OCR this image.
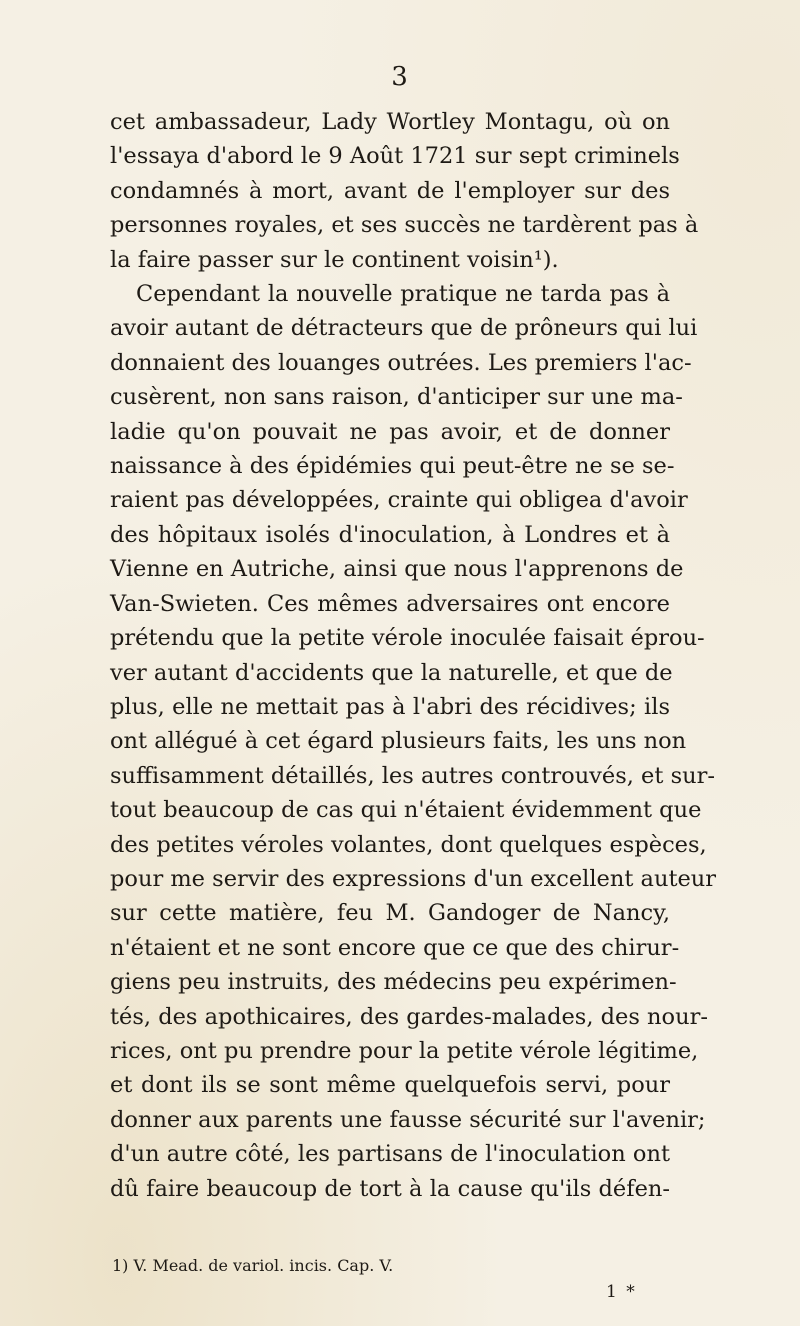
3
cet ambassadeur, Lady Wortley Montagu, où on
l'essaya d'abord le 9 Août 1721 sur sept criminels
condamnés à mort, avant de l'employer sur des
personnes royales, et ses succès ne tardèrent pas à
la faire passer sur le continent voisin¹).
Cependant la nouvelle pratique ne tarda pas à
avoir autant de détracteurs que de prôneurs qui lui
donnaient des louanges outrées. Les premiers l'ac-
cusèrent, non sans raison, d'anticiper sur une ma-
ladie qu'on pouvait ne pas avoir, et de donner
naissance à des épidémies qui peut-être ne se se-
raient pas développées, crainte qui obligea d'avoir
des hôpitaux isolés d'inoculation, à Londres et à
Vienne en Autriche, ainsi que nous l'apprenons de
Van-Swieten. Ces mêmes adversaires ont encore
prétendu que la petite vérole inoculée faisait éprou-
ver autant d'accidents que la naturelle, et que de
plus, elle ne mettait pas à l'abri des récidives; ils
ont allégué à cet égard plusieurs faits, les uns non
suffisamment détaillés, les autres controuvés, et sur-
tout beaucoup de cas qui n'étaient évidemment que
des petites véroles volantes, dont quelques espèces,
pour me servir des expressions d'un excellent auteur
sur cette matière, feu M. Gandoger de Nancy,
n'étaient et ne sont encore que ce que des chirur-
giens peu instruits, des médecins peu expérimen-
tés, des apothicaires, des gardes-malades, des nour-
rices, ont pu prendre pour la petite vérole légitime,
et dont ils se sont même quelquefois servi, pour
donner aux parents une fausse sécurité sur l'avenir;
d'un autre côté, les partisans de l'inoculation ont
dû faire beaucoup de tort à la cause qu'ils défen-
1) V. Mead. de variol. incis. Cap. V.
1 *
